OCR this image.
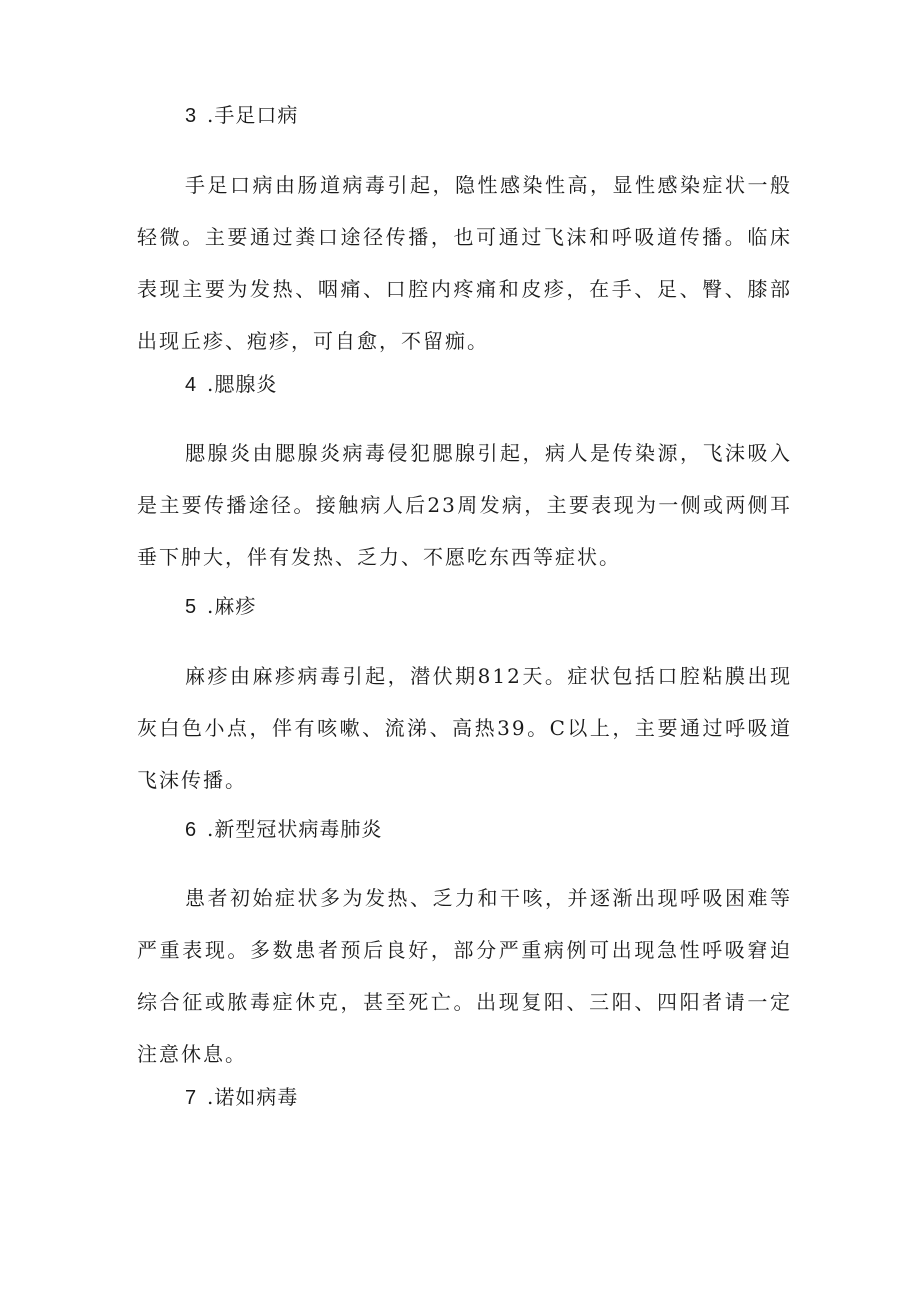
3 .手足口病

手足口病由肠道病毒引起，隐性感染性高，显性感染症状一般轻微。主要通过粪口途径传播，也可通过飞沫和呼吸道传播。临床表现主要为发热、咽痛、口腔内疼痛和皮疹，在手、足、臀、膝部出现丘疹、疱疹，可自愈，不留痂。

4 .腮腺炎

腮腺炎由腮腺炎病毒侵犯腮腺引起，病人是传染源，飞沫吸入是主要传播途径。接触病人后23周发病，主要表现为一侧或两侧耳垂下肿大，伴有发热、乏力、不愿吃东西等症状。

5 .麻疹

麻疹由麻疹病毒引起，潜伏期812天。症状包括口腔粘膜出现灰白色小点，伴有咳嗽、流涕、高热39。C以上，主要通过呼吸道飞沫传播。

6 .新型冠状病毒肺炎

患者初始症状多为发热、乏力和干咳，并逐渐出现呼吸困难等严重表现。多数患者预后良好，部分严重病例可出现急性呼吸窘迫综合征或脓毒症休克，甚至死亡。出现复阳、三阳、四阳者请一定注意休息。

7 .诺如病毒
